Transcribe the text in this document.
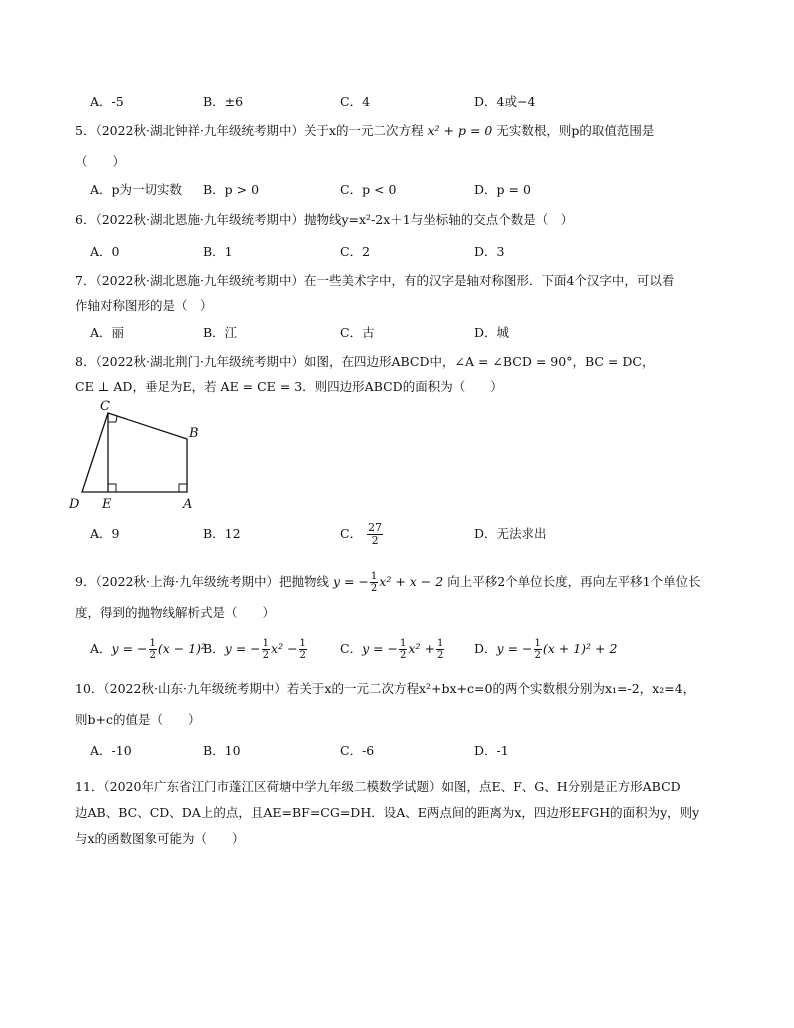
A．-5	B．±6	C．4	D．4或−4
5．（2022秋·湖北钟祥·九年级统考期中）关于x的一元二次方程 x² + p = 0 无实数根，则p的取值范围是
（　　）
A．p为一切实数 B．p > 0	C．p < 0	D．p = 0
6．（2022秋·湖北恩施·九年级统考期中）抛物线y=x²-2x＋1与坐标轴的交点个数是（　）
A．0	B．1	C．2	D．3
7．（2022秋·湖北恩施·九年级统考期中）在一些美术字中，有的汉字是轴对称图形．下面4个汉字中，可以看
作轴对称图形的是（　）
A．丽	B．江	C．古	D．城
8．（2022秋·湖北荆门·九年级统考期中）如图，在四边形ABCD中，∠A = ∠BCD = 90°，BC = DC，
CE ⊥ AD，垂足为E，若 AE = CE = 3．则四边形ABCD的面积为（　　）
C
B
D E	A
A．9	B．12	C． $\frac{27}{2}$	D．无法求出
9．（2022秋·上海·九年级统考期中）把抛物线 y = − $\frac{1}{2} x^2 + x - 2$ 向上平移2个单位长度，再向左平移1个单位长
度，得到的抛物线解析式是（　　）
A．y = − $\frac{1}{2} (x - 1)^2$
B．y = − $\frac{1}{2} x^2 - \frac{1}{2}$	C．y = − $\frac{1}{2} x^2 + \frac{1}{2}$ D．y = − $\frac{1}{2} (x + 1)^2 + 2$
10．（2022秋·山东·九年级统考期中）若关于x的一元二次方程x²+bx+c=0的两个实数根分别为x₁=-2，x₂=4，
则b+c的值是（　　）
A．-10	B．10	C．-6	D．-1
11．（2020年广东省江门市蓬江区荷塘中学九年级二模数学试题）如图，点E、F、G、H分别是正方形ABCD
边AB、BC、CD、DA上的点，且AE=BF=CG=DH．设A、E两点间的距离为x，四边形EFGH的面积为y，则y
与x的函数图象可能为（　　）
